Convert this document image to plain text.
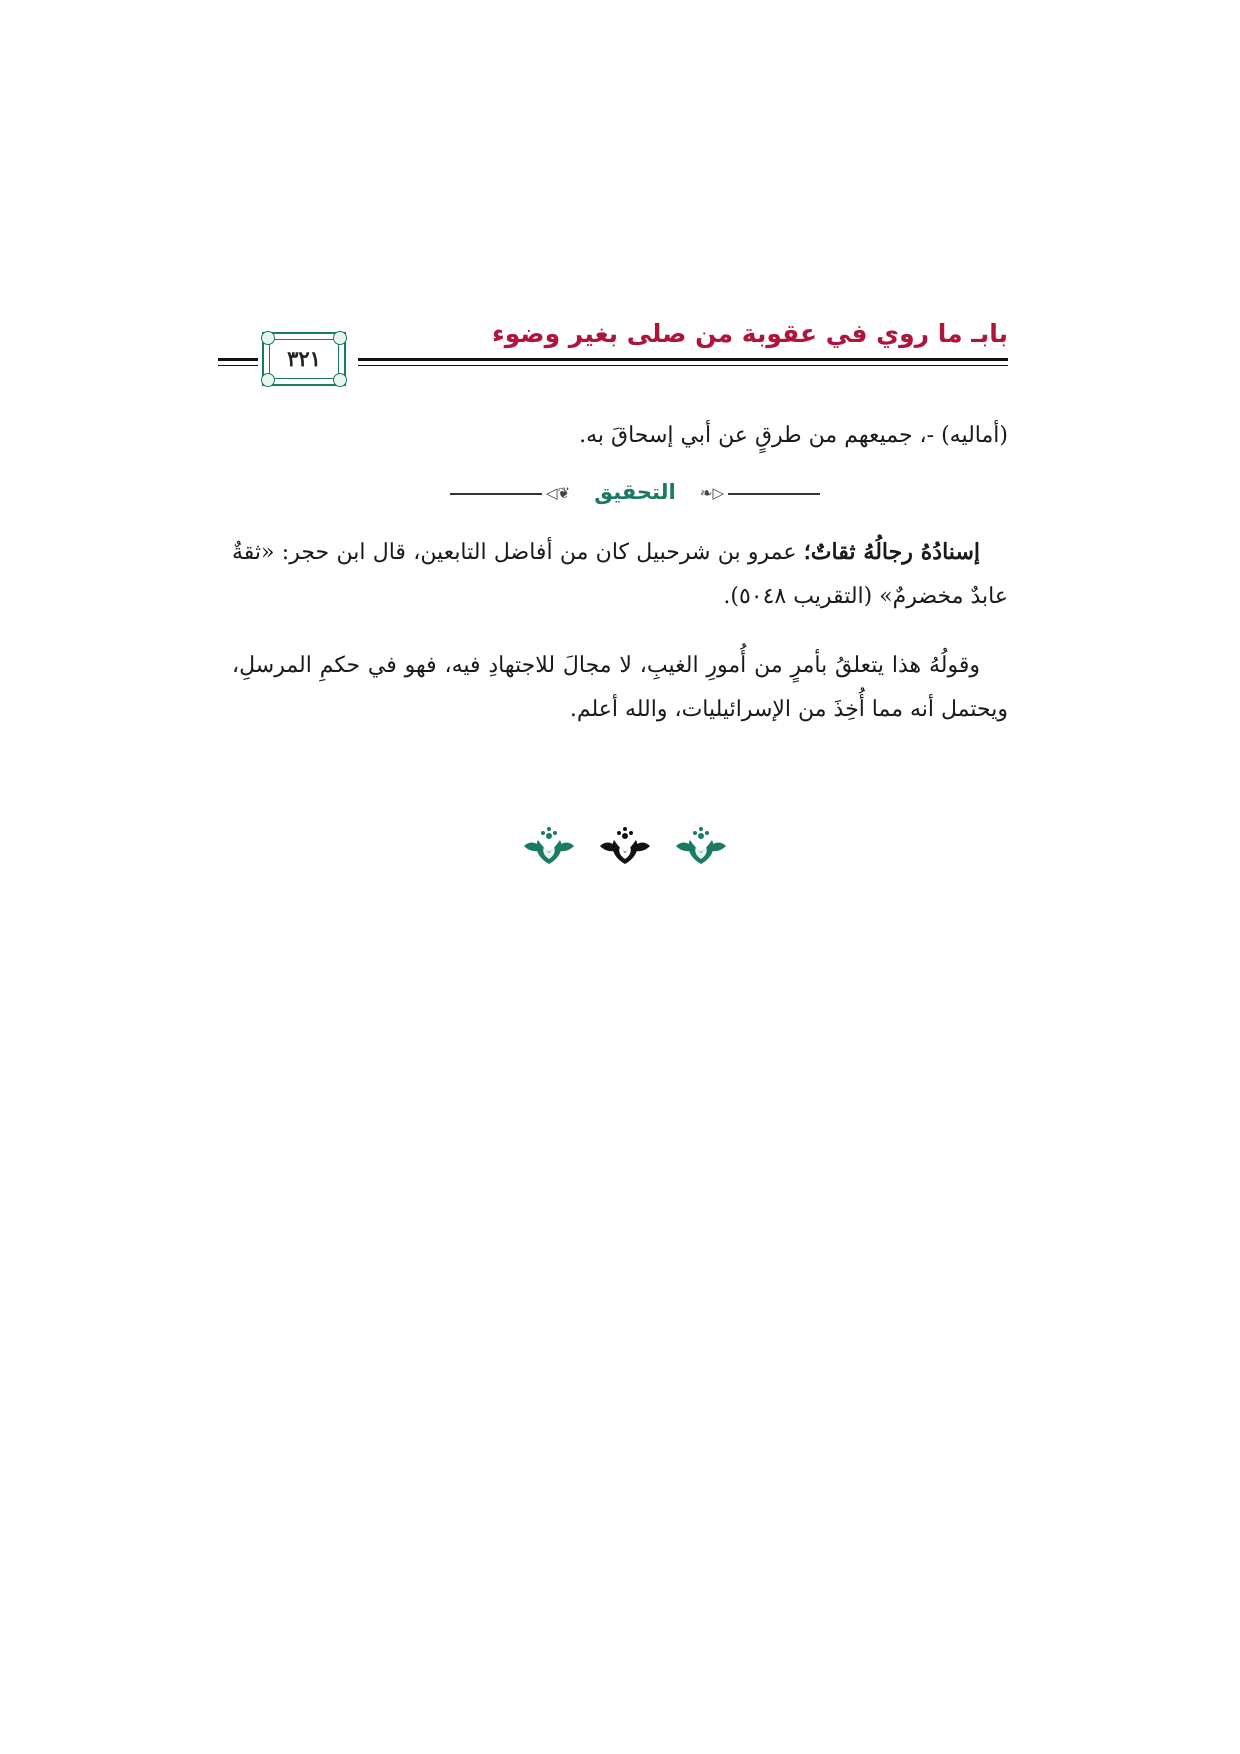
بابـ ما روي في عقوبة من صلى بغير وضوء
٣٢١

(أماليه) -، جميعهم من طرقٍ عن أبي إسحاقَ به.

◁❦	❧▷
التحقيق

إسنادُهُ رجالُهُ ثقاتٌ؛ عمرو بن شرحبيل كان من أفاضل التابعين، قال ابن حجر: «ثقةٌ عابدٌ مخضرمٌ» (التقريب ٥٠٤٨).

وقولُهُ هذا يتعلقُ بأمرٍ من أُمورِ الغيبِ، لا مجالَ للاجتهادِ فيه، فهو في حكمِ المرسلِ، ويحتمل أنه مما أُخِذَ من الإسرائيليات، والله أعلم.
